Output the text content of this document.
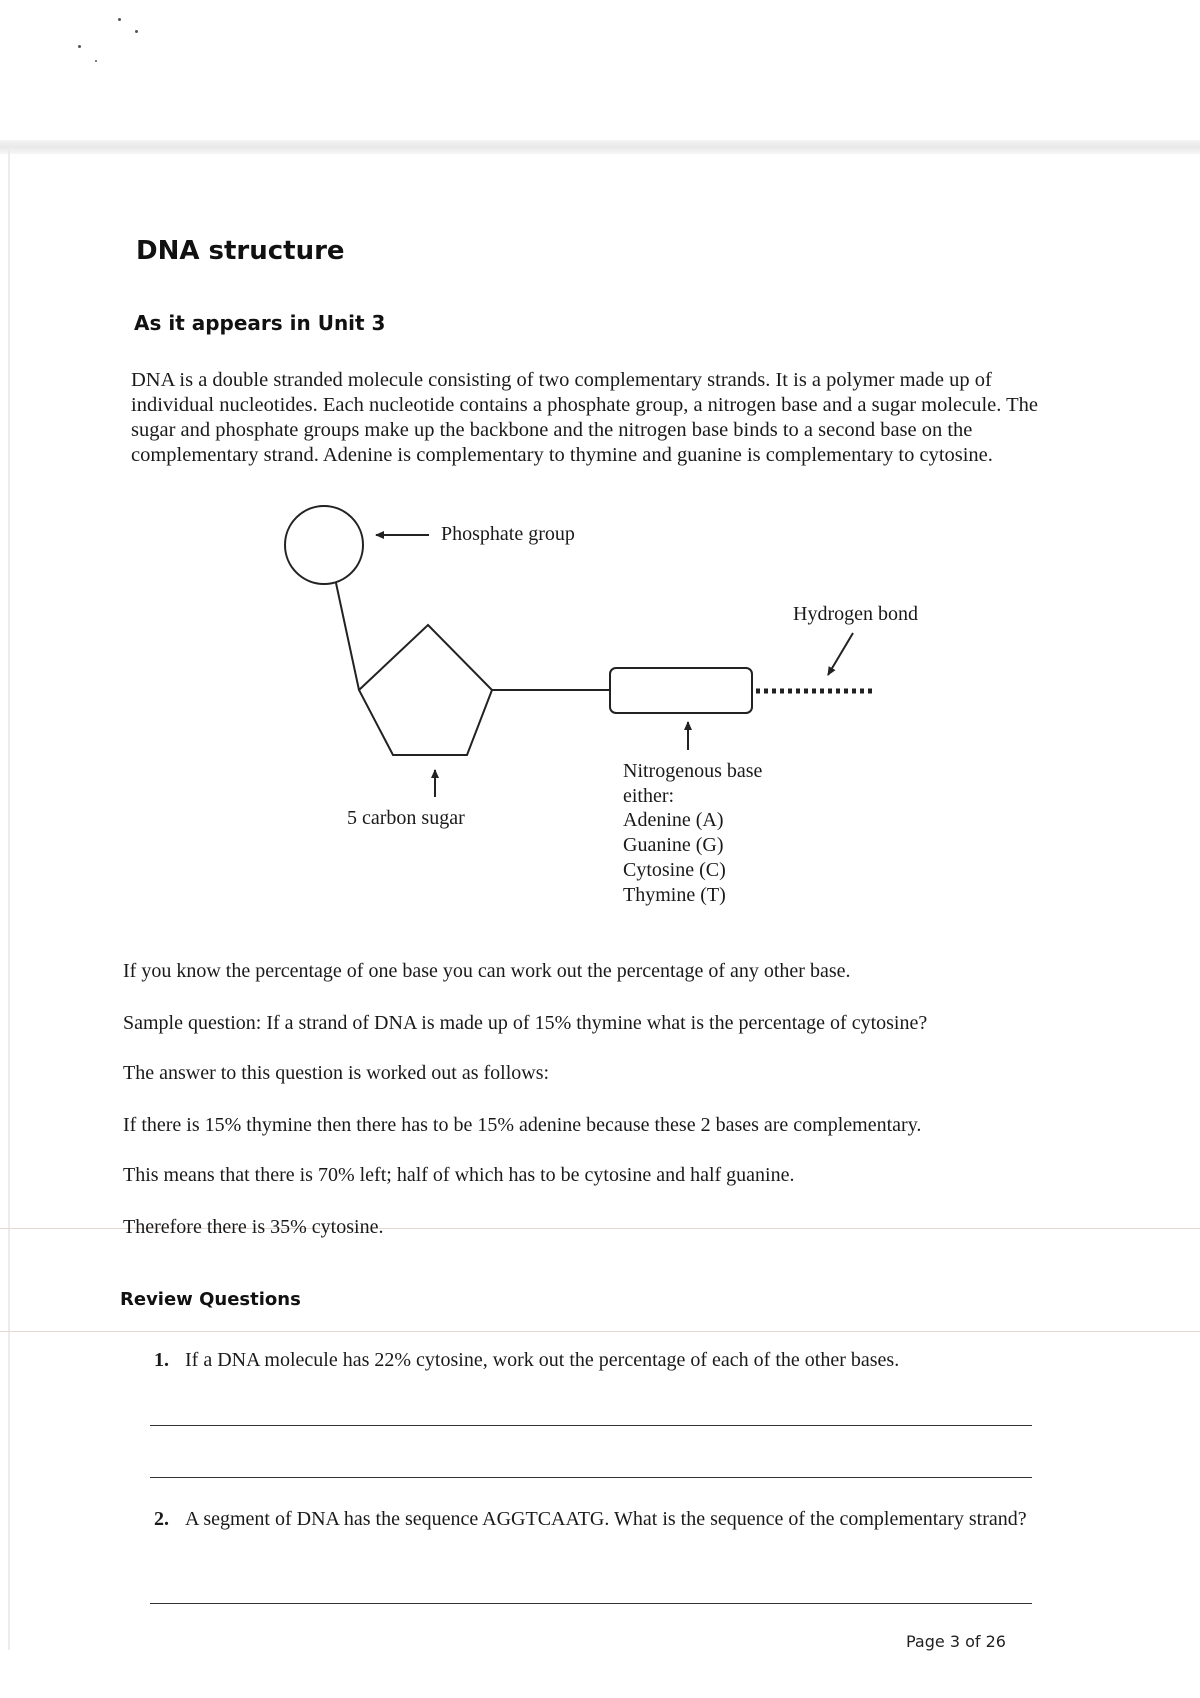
DNA structure
As it appears in Unit 3

DNA is a double stranded molecule consisting of two complementary strands. It is a polymer made up of individual nucleotides. Each nucleotide contains a phosphate group, a nitrogen base and a sugar molecule. The sugar and phosphate groups make up the backbone and the nitrogen base binds to a second base on the complementary strand. Adenine is complementary to thymine and guanine is complementary to cytosine.

Phosphate group

Hydrogen bond

5 carbon sugar

Nitrogenous base

either:

Adenine (A)
Guanine (G)
Cytosine (C)
Thymine (T)

If you know the percentage of one base you can work out the percentage of any other base.

Sample question: If a strand of DNA is made up of 15% thymine what is the percentage of cytosine?

The answer to this question is worked out as follows:

If there is 15% thymine then there has to be 15% adenine because these 2 bases are complementary.

This means that there is 70% left; half of which has to be cytosine and half guanine.

Therefore there is 35% cytosine.

Review Questions
1. If a DNA molecule has 22% cytosine, work out the percentage of each of the other bases.
2. A segment of DNA has the sequence AGGTCAATG. What is the sequence of the complementary strand?

Page 3 of 26
